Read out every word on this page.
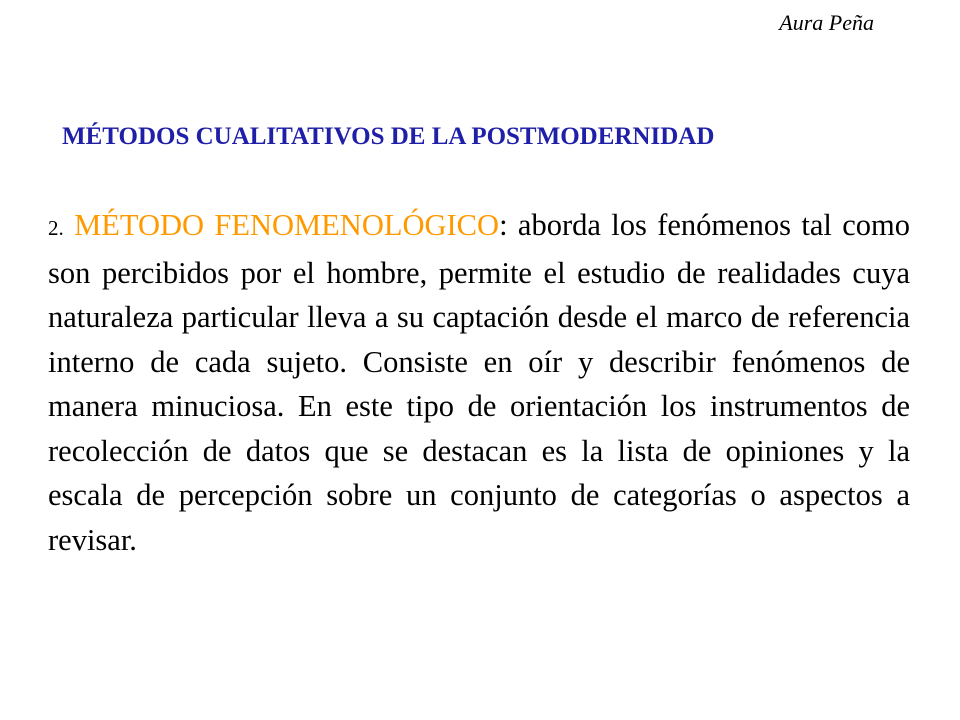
Aura Peña
MÉTODOS CUALITATIVOS DE LA POSTMODERNIDAD

2. MÉTODO FENOMENOLÓGICO: aborda los fenómenos tal como son percibidos por el hombre, permite el estudio de realidades cuya naturaleza particular lleva a su captación desde el marco de referencia interno de cada sujeto. Consiste en oír y describir fenómenos de manera minuciosa. En este tipo de orientación los instrumentos de recolección de datos que se destacan es la lista de opiniones y la escala de percepción sobre un conjunto de categorías o aspectos a revisar.
